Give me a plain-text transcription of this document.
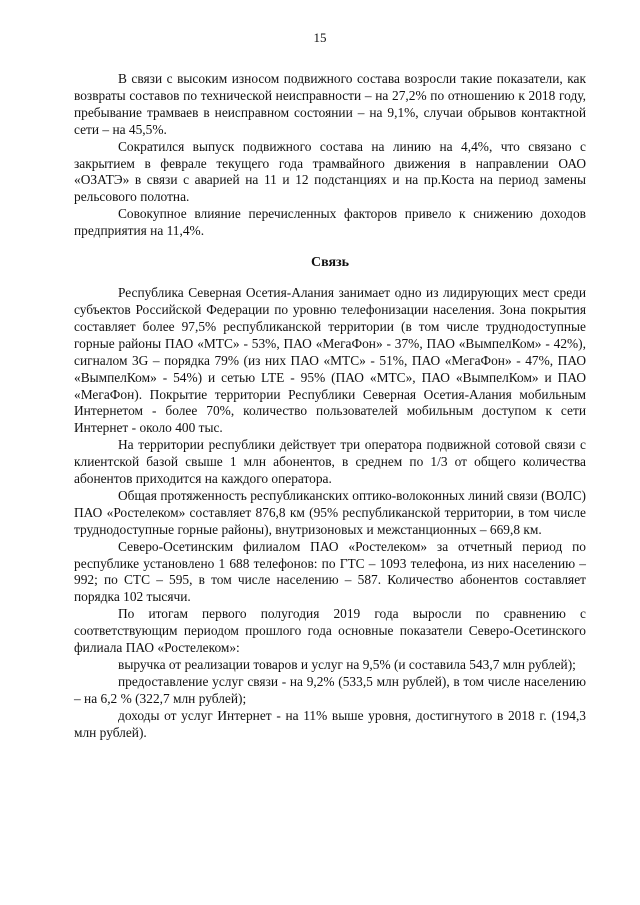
15

В связи с высоким износом подвижного состава возросли такие показатели, как возвраты составов по технической неисправности – на 27,2% по отношению к 2018 году, пребывание трамваев в неисправном состоянии – на 9,1%, случаи обрывов контактной сети – на 45,5%.

Сократился выпуск подвижного состава на линию на 4,4%, что связано с закрытием в феврале текущего года трамвайного движения в направлении ОАО «ОЗАТЭ» в связи с аварией на 11 и 12 подстанциях и на пр.Коста на период замены рельсового полотна.

Совокупное влияние перечисленных факторов привело к снижению доходов предприятия на 11,4%.

Связь

Республика Северная Осетия-Алания занимает одно из лидирующих мест среди субъектов Российской Федерации по уровню телефонизации населения. Зона покрытия составляет более 97,5% республиканской территории (в том числе труднодоступные горные районы ПАО «МТС» - 53%, ПАО «МегаФон» - 37%, ПАО «ВымпелКом» - 42%), сигналом 3G – порядка 79% (из них ПАО «МТС» - 51%, ПАО «МегаФон» - 47%, ПАО «ВымпелКом» - 54%) и сетью LTE - 95% (ПАО «МТС», ПАО «ВымпелКом» и ПАО «МегаФон). Покрытие территории Республики Северная Осетия-Алания мобильным Интернетом - более 70%, количество пользователей мобильным доступом к сети Интернет - около 400 тыс.

На территории республики действует три оператора подвижной сотовой связи с клиентской базой свыше 1 млн абонентов, в среднем по 1/3 от общего количества абонентов приходится на каждого оператора.

Общая протяженность республиканских оптико-волоконных линий связи (ВОЛС) ПАО «Ростелеком» составляет 876,8 км (95% республиканской территории, в том числе труднодоступные горные районы), внутризоновых и межстанционных – 669,8 км.

Северо-Осетинским филиалом ПАО «Ростелеком» за отчетный период по республике установлено 1 688 телефонов: по ГТС – 1093 телефона, из них населению – 992; по СТС – 595, в том числе населению – 587. Количество абонентов составляет порядка 102 тысячи.

По итогам первого полугодия 2019 года выросли по сравнению с соответствующим периодом прошлого года основные показатели Северо-Осетинского филиала ПАО «Ростелеком»:

выручка от реализации товаров и услуг на 9,5% (и составила 543,7 млн рублей);

предоставление услуг связи - на 9,2% (533,5 млн рублей), в том числе населению – на 6,2 % (322,7 млн рублей);

доходы от услуг Интернет - на 11% выше уровня, достигнутого в 2018 г. (194,3 млн рублей).
